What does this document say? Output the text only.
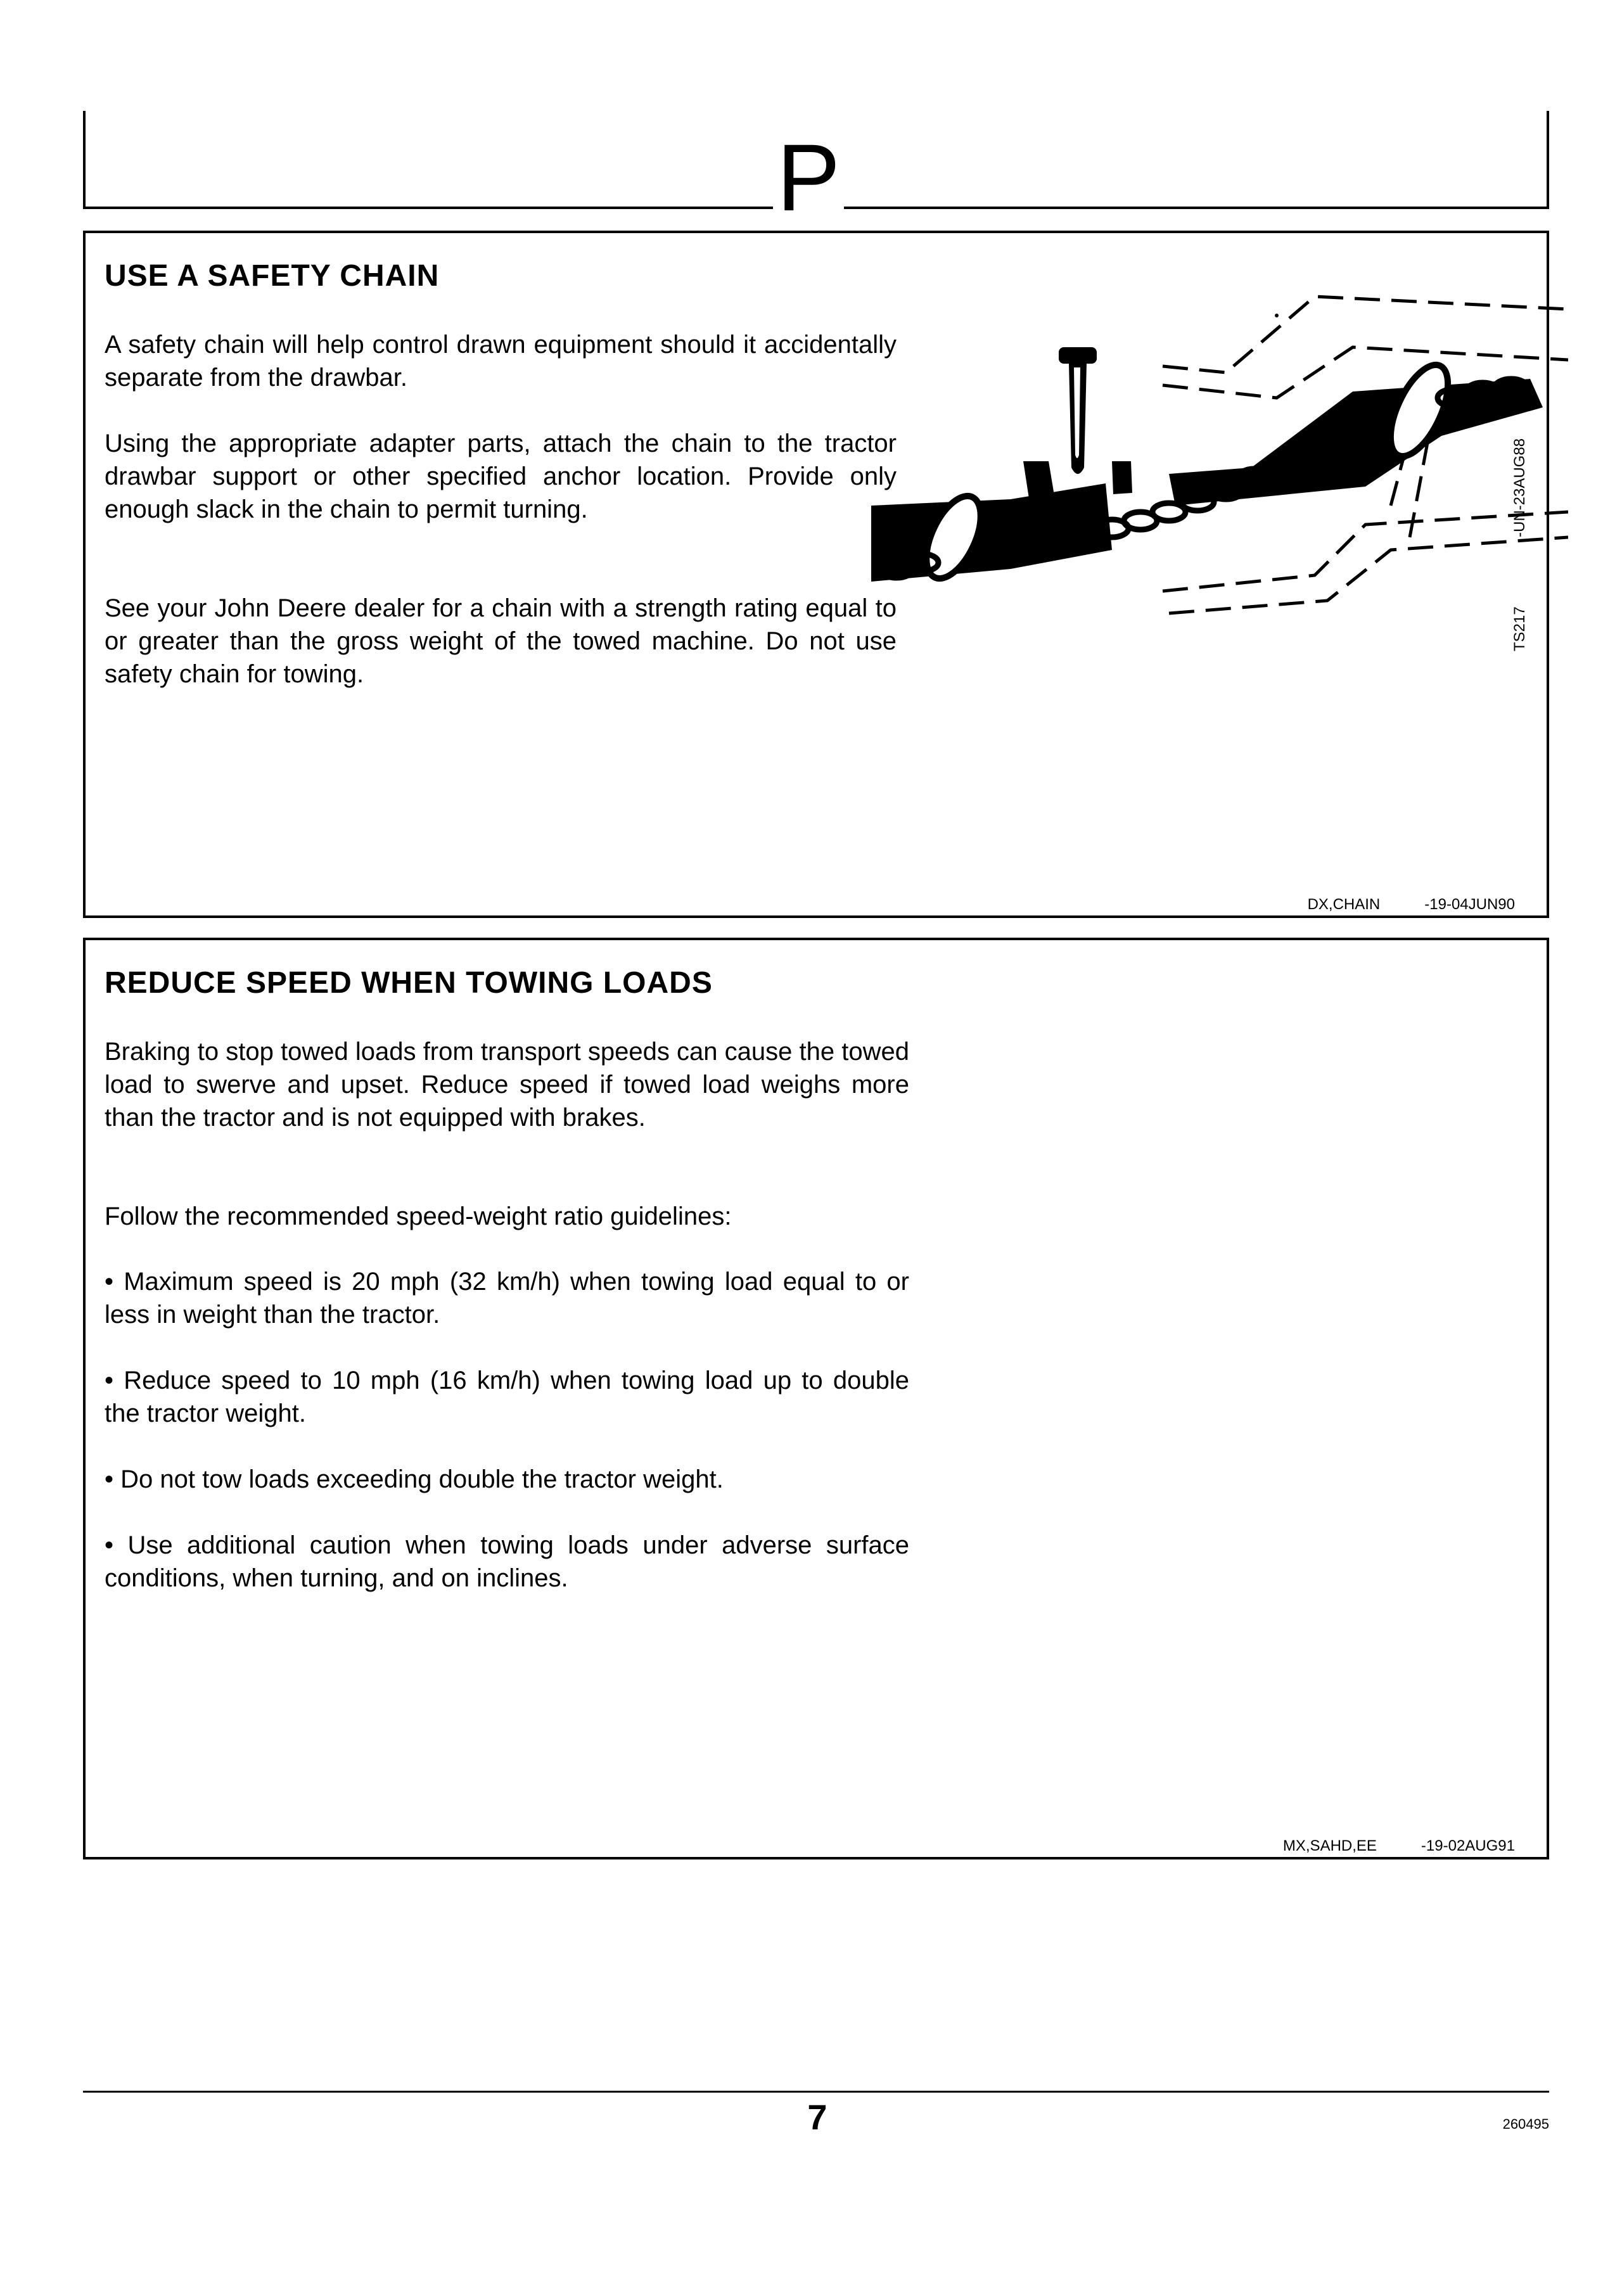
P
USE A SAFETY CHAIN

A safety chain will help control drawn equipment should it accidentally separate from the drawbar.

Using the appropriate adapter parts, attach the chain to the tractor drawbar support or other specified anchor location. Provide only enough slack in the chain to permit turning.

See your John Deere dealer for a chain with a strength rating equal to or greater than the gross weight of the towed machine. Do not use safety chain for towing.

-UN-23AUG88
TS217
DX,CHAIN	-19-04JUN90
REDUCE SPEED WHEN TOWING LOADS

Braking to stop towed loads from transport speeds can cause the towed load to swerve and upset. Reduce speed if towed load weighs more than the tractor and is not equipped with brakes.

Follow the recommended speed-weight ratio guidelines:

• Maximum speed is 20 mph (32 km/h) when towing load equal to or less in weight than the tractor.

• Reduce speed to 10 mph (16 km/h) when towing load up to double the tractor weight.

• Do not tow loads exceeding double the tractor weight.

• Use additional caution when towing loads under adverse surface conditions, when turning, and on inclines.

MX,SAHD,EE	-19-02AUG91
7	260495
